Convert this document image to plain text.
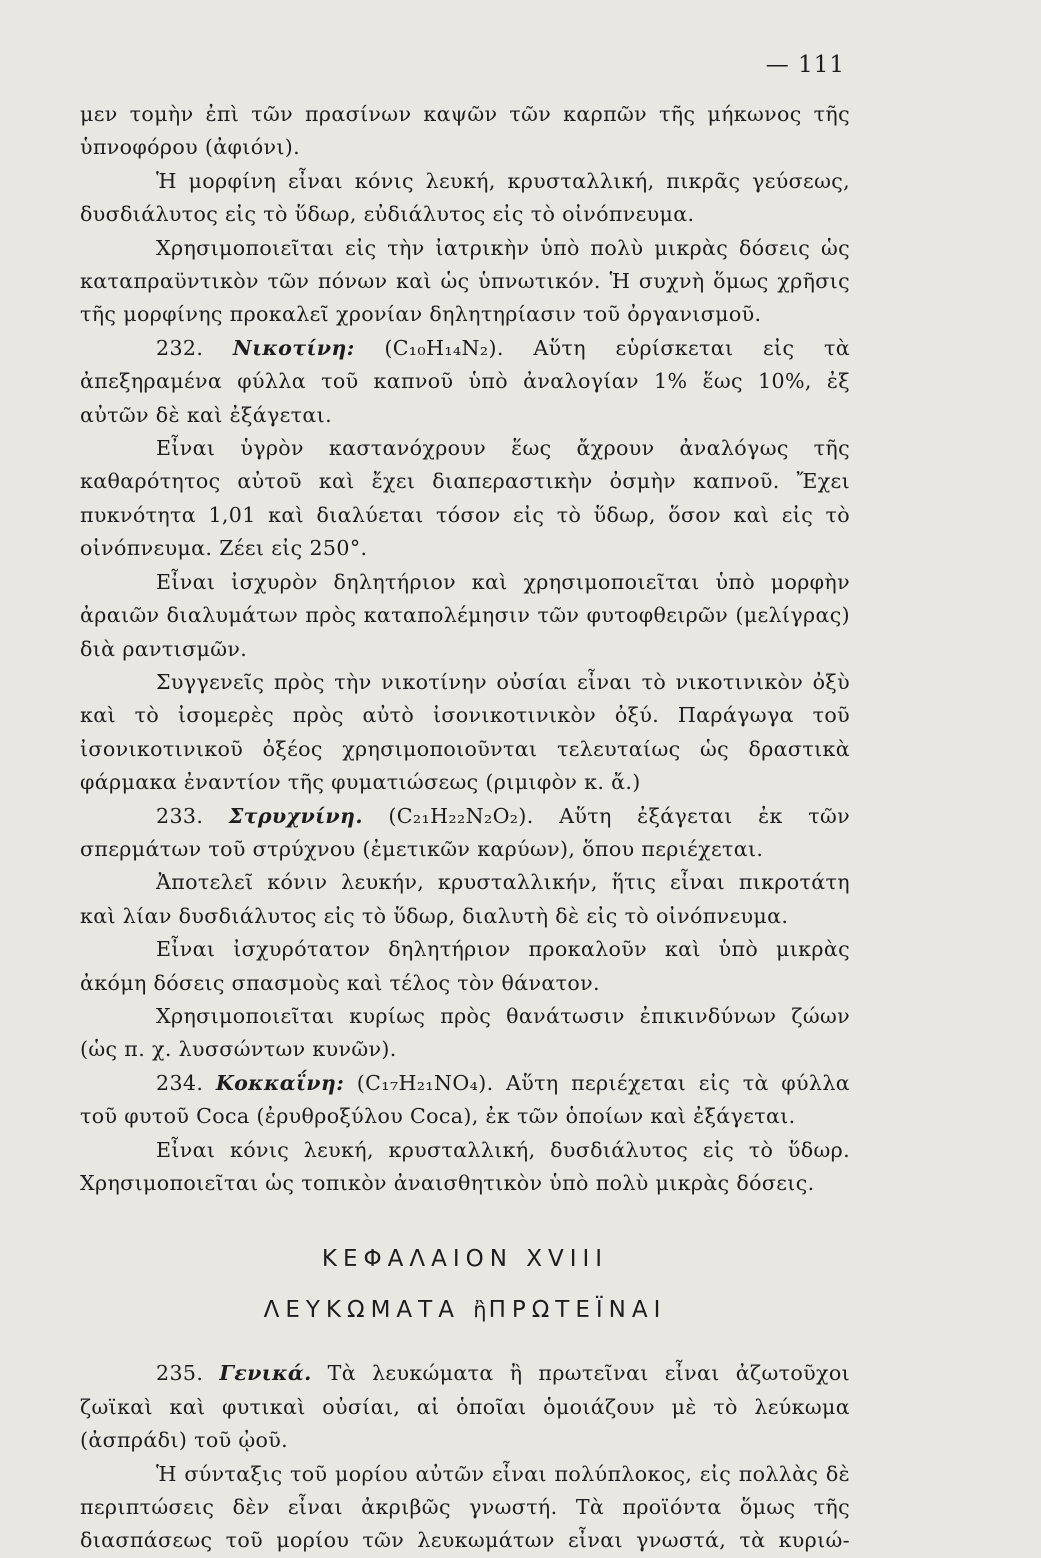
— 111

μεν τομὴν ἐπὶ τῶν πρασίνων καψῶν τῶν καρπῶν τῆς μήκωνος τῆς ὑπνοφόρου (ἀφιόνι).

Ἡ μορφίνη εἶναι κόνις λευκή, κρυσταλλική, πικρᾶς γεύσεως, δυσδιάλυτος εἰς τὸ ὕδωρ, εὐδιάλυτος εἰς τὸ οἰνόπνευμα.

Χρησιμοποιεῖται εἰς τὴν ἰατρικὴν ὑπὸ πολὺ μικρὰς δόσεις ὡς καταπραϋντικὸν τῶν πόνων καὶ ὡς ὑπνωτικόν. Ἡ συχνὴ ὅμως χρῆσις τῆς μορφίνης προκαλεῖ χρονίαν δηλητηρίασιν τοῦ ὀργανισμοῦ.

232. Νικοτίνη: (C₁₀H₁₄N₂). Αὕτη εὑρίσκεται εἰς τὰ ἀπεξηραμένα φύλλα τοῦ καπνοῦ ὑπὸ ἀναλογίαν 1% ἕως 10%, ἐξ αὐτῶν δὲ καὶ ἐξάγεται.

Εἶναι ὑγρὸν καστανόχρουν ἕως ἄχρουν ἀναλόγως τῆς καθαρότητος αὐτοῦ καὶ ἔχει διαπεραστικὴν ὀσμὴν καπνοῦ. Ἔχει πυκνότητα 1,01 καὶ διαλύεται τόσον εἰς τὸ ὕδωρ, ὅσον καὶ εἰς τὸ οἰνόπνευμα. Ζέει εἰς 250°.

Εἶναι ἰσχυρὸν δηλητήριον καὶ χρησιμοποιεῖται ὑπὸ μορφὴν ἀραιῶν διαλυμάτων πρὸς καταπολέμησιν τῶν φυτοφθειρῶν (μελίγρας) διὰ ραντισμῶν.

Συγγενεῖς πρὸς τὴν νικοτίνην οὐσίαι εἶναι τὸ νικοτινικὸν ὀξὺ καὶ τὸ ἰσομερὲς πρὸς αὐτὸ ἰσονικοτινικὸν ὀξύ. Παράγωγα τοῦ ἰσονικοτινικοῦ ὀξέος χρησιμοποιοῦνται τελευταίως ὡς δραστικὰ φάρμακα ἐναντίον τῆς φυματιώσεως (ριμιφὸν κ. ἄ.)

233. Στρυχνίνη. (C₂₁H₂₂N₂O₂). Αὕτη ἐξάγεται ἐκ τῶν σπερμάτων τοῦ στρύχνου (ἐμετικῶν καρύων), ὅπου περιέχεται.

Ἀποτελεῖ κόνιν λευκήν, κρυσταλλικήν, ἥτις εἶναι πικροτάτη καὶ λίαν δυσδιάλυτος εἰς τὸ ὕδωρ, διαλυτὴ δὲ εἰς τὸ οἰνόπνευμα.

Εἶναι ἰσχυρότατον δηλητήριον προκαλοῦν καὶ ὑπὸ μικρὰς ἀκόμη δόσεις σπασμοὺς καὶ τέλος τὸν θάνατον.

Χρησιμοποιεῖται κυρίως πρὸς θανάτωσιν ἐπικινδύνων ζώων (ὡς π. χ. λυσσώντων κυνῶν).

234. Κοκκαΐνη: (C₁₇H₂₁NO₄). Αὕτη περιέχεται εἰς τὰ φύλλα τοῦ φυτοῦ Coca (ἐρυθροξύλου Coca), ἐκ τῶν ὁποίων καὶ ἐξάγεται.

Εἶναι κόνις λευκή, κρυσταλλική, δυσδιάλυτος εἰς τὸ ὕδωρ. Χρησιμοποιεῖται ὡς τοπικὸν ἀναισθητικὸν ὑπὸ πολὺ μικρὰς δόσεις.

ΚΕΦΑΛΑΙΟΝ XVIII

ΛΕΥΚΩΜΑΤΑ ἢΠΡΩΤΕΪΝΑΙ

235. Γενικά. Τὰ λευκώματα ἢ πρωτεῖναι εἶναι ἀζωτοῦχοι ζωϊκαὶ καὶ φυτικαὶ οὐσίαι, αἱ ὁποῖαι ὁμοιάζουν μὲ τὸ λεύκωμα (ἀσπράδι) τοῦ ᾠοῦ.

Ἡ σύνταξις τοῦ μορίου αὐτῶν εἶναι πολύπλοκος, εἰς πολλὰς δὲ περιπτώσεις δὲν εἶναι ἀκριβῶς γνωστή. Τὰ προϊόντα ὅμως τῆς διασπάσεως τοῦ μορίου τῶν λευκωμάτων εἶναι γνωστά, τὰ κυριώ-
